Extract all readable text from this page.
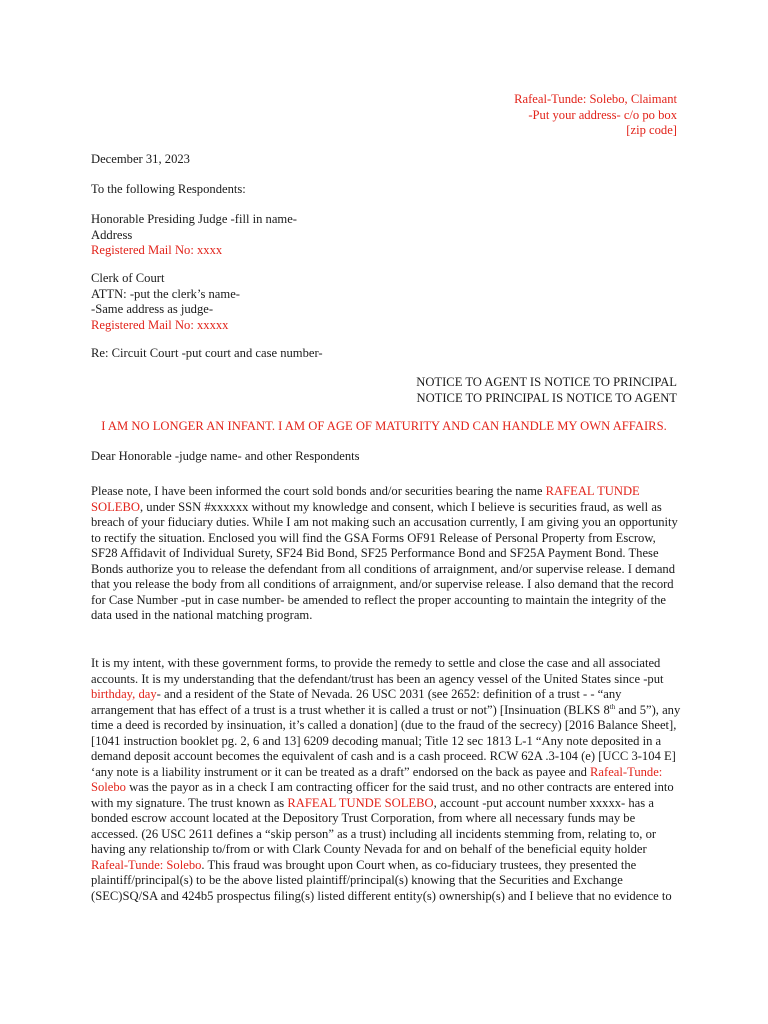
Rafeal-Tunde: Solebo, Claimant
-Put your address- c/o po box
[zip code]
December 31, 2023
To the following Respondents:
Honorable Presiding Judge -fill in name-
Address
Registered Mail No: xxxx
Clerk of Court
ATTN: -put the clerk’s name-
-Same address as judge-
Registered Mail No: xxxxx
Re: Circuit Court -put court and case number-
NOTICE TO AGENT IS NOTICE TO PRINCIPAL
NOTICE TO PRINCIPAL IS NOTICE TO AGENT
I AM NO LONGER AN INFANT. I AM OF AGE OF MATURITY AND CAN HANDLE MY OWN AFFAIRS.
Dear Honorable -judge name- and other Respondents
Please note, I have been informed the court sold bonds and/or securities bearing the name RAFEAL TUNDE
SOLEBO, under SSN #xxxxxx without my knowledge and consent, which I believe is securities fraud, as well as
breach of your fiduciary duties. While I am not making such an accusation currently, I am giving you an opportunity
to rectify the situation. Enclosed you will find the GSA Forms OF91 Release of Personal Property from Escrow,
SF28 Affidavit of Individual Surety, SF24 Bid Bond, SF25 Performance Bond and SF25A Payment Bond. These
Bonds authorize you to release the defendant from all conditions of arraignment, and/or supervise release. I demand
that you release the body from all conditions of arraignment, and/or supervise release. I also demand that the record
for Case Number -put in case number- be amended to reflect the proper accounting to maintain the integrity of the
data used in the national matching program.
It is my intent, with these government forms, to provide the remedy to settle and close the case and all associated
accounts. It is my understanding that the defendant/trust has been an agency vessel of the United States since -put
birthday, day- and a resident of the State of Nevada. 26 USC 2031 (see 2652: definition of a trust - - “any
arrangement that has effect of a trust is a trust whether it is called a trust or not”) [Insinuation (BLKS 8th and 5”), any
time a deed is recorded by insinuation, it’s called a donation] (due to the fraud of the secrecy) [2016 Balance Sheet],
[1041 instruction booklet pg. 2, 6 and 13] 6209 decoding manual; Title 12 sec 1813 L-1 “Any note deposited in a
demand deposit account becomes the equivalent of cash and is a cash proceed. RCW 62A .3-104 (e) [UCC 3-104 E]
‘any note is a liability instrument or it can be treated as a draft” endorsed on the back as payee and Rafeal-Tunde:
Solebo was the payor as in a check I am contracting officer for the said trust, and no other contracts are entered into
with my signature. The trust known as RAFEAL TUNDE SOLEBO, account -put account number xxxxx- has a
bonded escrow account located at the Depository Trust Corporation, from where all necessary funds may be
accessed. (26 USC 2611 defines a “skip person” as a trust) including all incidents stemming from, relating to, or
having any relationship to/from or with Clark County Nevada for and on behalf of the beneficial equity holder
Rafeal-Tunde: Solebo. This fraud was brought upon Court when, as co-fiduciary trustees, they presented the
plaintiff/principal(s) to be the above listed plaintiff/principal(s) knowing that the Securities and Exchange
(SEC)SQ/SA and 424b5 prospectus filing(s) listed different entity(s) ownership(s) and I believe that no evidence to
